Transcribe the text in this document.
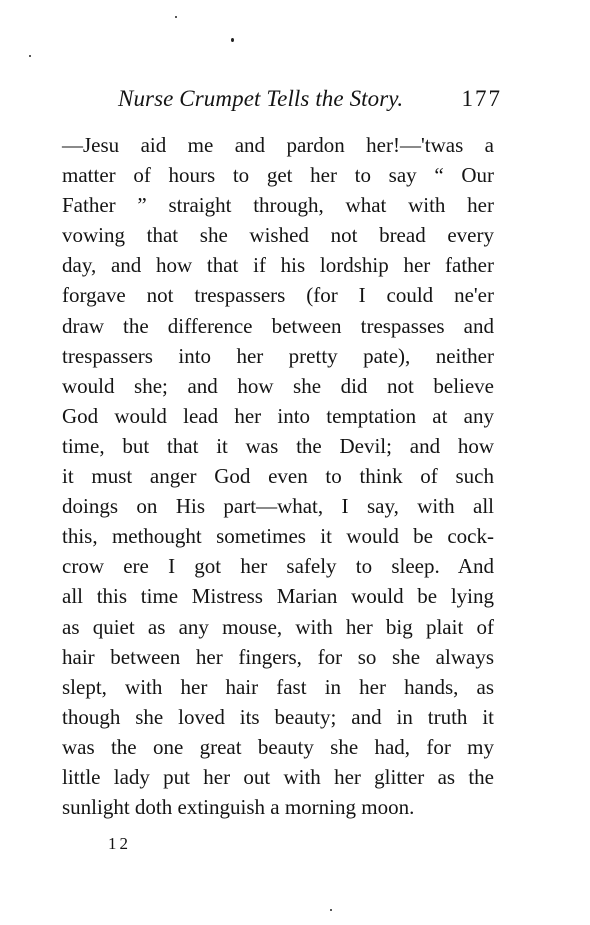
Nurse Crumpet Tells the Story.	177
—Jesu aid me and pardon her!—'twas a
matter of hours to get her to say “ Our
Father ” straight through, what with her
vowing that she wished not bread every
day, and how that if his lordship her father
forgave not trespassers (for I could ne'er
draw the difference between trespasses and
trespassers into her pretty pate), neither
would she; and how she did not believe
God would lead her into temptation at any
time, but that it was the Devil; and how
it must anger God even to think of such
doings on His part—what, I say, with all
this, methought sometimes it would be cock-
crow ere I got her safely to sleep. And
all this time Mistress Marian would be lying
as quiet as any mouse, with her big plait of
hair between her fingers, for so she always
slept, with her hair fast in her hands, as
though she loved its beauty; and in truth it
was the one great beauty she had, for my
little lady put her out with her glitter as the
sunlight doth extinguish a morning moon.
12
